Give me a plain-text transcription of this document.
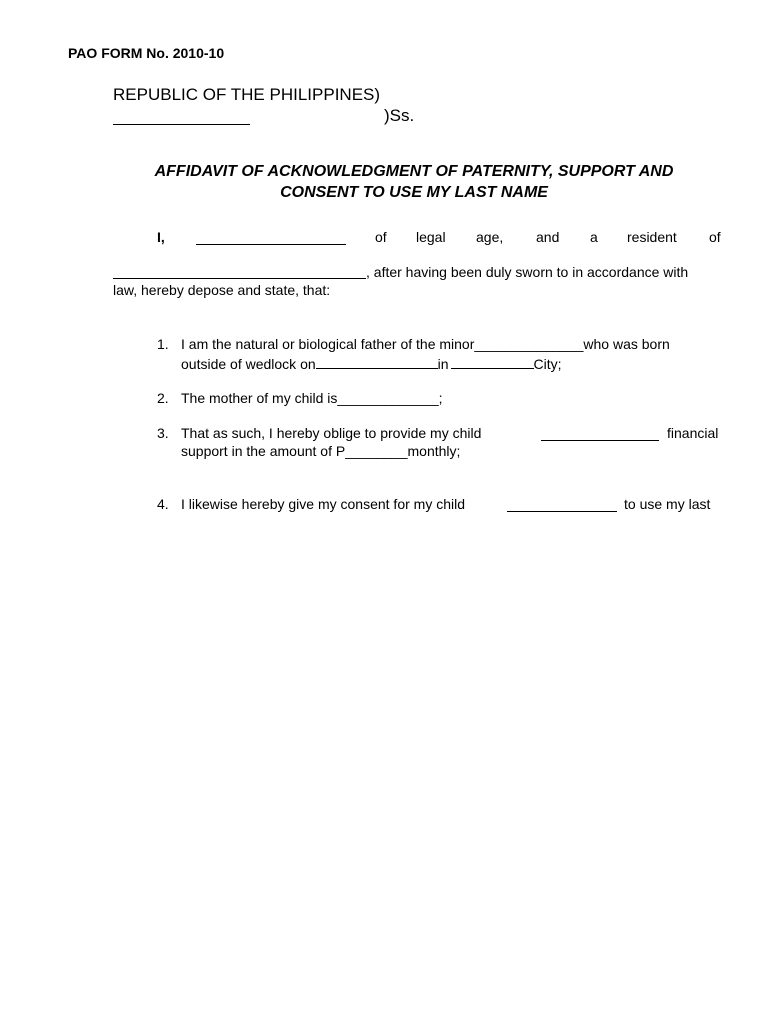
PAO FORM No. 2010-10
REPUBLIC OF THE PHILIPPINES)
)Ss.
AFFIDAVIT OF ACKNOWLEDGMENT OF PATERNITY, SUPPORT AND
CONSENT TO USE MY LAST NAME
I,	of legal age, and a resident of
, after having been duly sworn to in accordance with
law, hereby depose and state, that:
1. I am the natural or biological father of the minor______________who was born
outside of wedlock on	in	City;
2. The mother of my child is_____________;
3. That as such, I hereby oblige to provide my child	financial
support in the amount of P________monthly;
4. I likewise hereby give my consent for my child	to use my last
